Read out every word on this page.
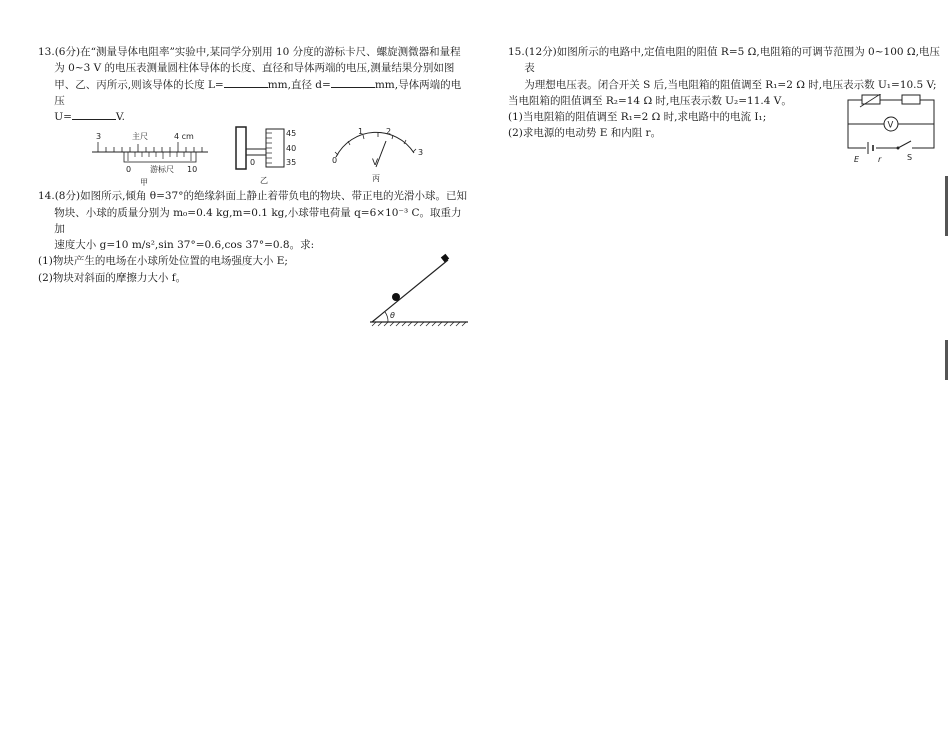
13.(6分)在“测量导体电阻率”实验中,某同学分别用 10 分度的游标卡尺、螺旋测微器和量程

为 0~3 V 的电压表测量圆柱体导体的长度、直径和导体两端的电压,测量结果分别如图

甲、乙、丙所示,则该导体的长度 L=	mm,直径 d=	mm,导体两端的电压

U=	V.

3	主尺	4 cm
0 游标尺 10
甲
45
40
35
0
乙
0
1	2
3
V
丙

14.(8分)如图所示,倾角 θ=37°的绝缘斜面上静止着带负电的物块、带正电的光滑小球。已知

物块、小球的质量分别为 m₀=0.4 kg,m=0.1 kg,小球带电荷量 q=6×10⁻³ C。取重力加

速度大小 g=10 m/s²,sin 37°=0.6,cos 37°=0.8。求:

(1)物块产生的电场在小球所处位置的电场强度大小 E;

(2)物块对斜面的摩擦力大小 f。

θ

15.(12分)如图所示的电路中,定值电阻的阻值 R=5 Ω,电阻箱的可调节范围为 0~100 Ω,电压表

为理想电压表。闭合开关 S 后,当电阻箱的阻值调至 R₁=2 Ω 时,电压表示数 U₁=10.5 V;

当电阻箱的阻值调至 R₂=14 Ω 时,电压表示数 U₂=11.4 V。

(1)当电阻箱的阻值调至 R₁=2 Ω 时,求电路中的电流 I₁;

(2)求电源的电动势 E 和内阻 r。

V
E r	S
